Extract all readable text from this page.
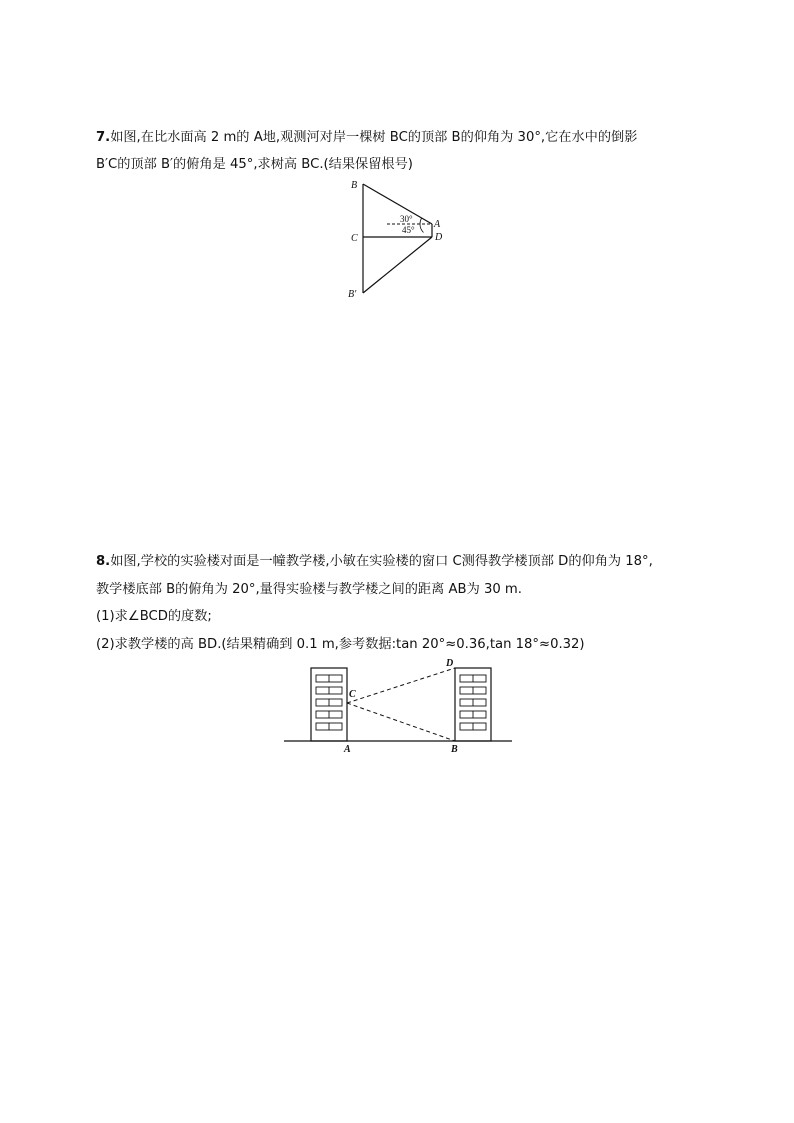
7.如图,在比水面高 2 m的 A地,观测河对岸一棵树 BC的顶部 B的仰角为 30°,它在水中的倒影
B′C的顶部 B′的俯角是 45°,求树高 BC.(结果保留根号)
B
C
B′
A
D
30°
45°
8.如图,学校的实验楼对面是一幢教学楼,小敏在实验楼的窗口 C测得教学楼顶部 D的仰角为 18°,
教学楼底部 B的俯角为 20°,量得实验楼与教学楼之间的距离 AB为 30 m.
(1)求∠BCD的度数;
(2)求教学楼的高 BD.(结果精确到 0.1 m,参考数据:tan 20°≈0.36,tan 18°≈0.32)
C
D
A	B
